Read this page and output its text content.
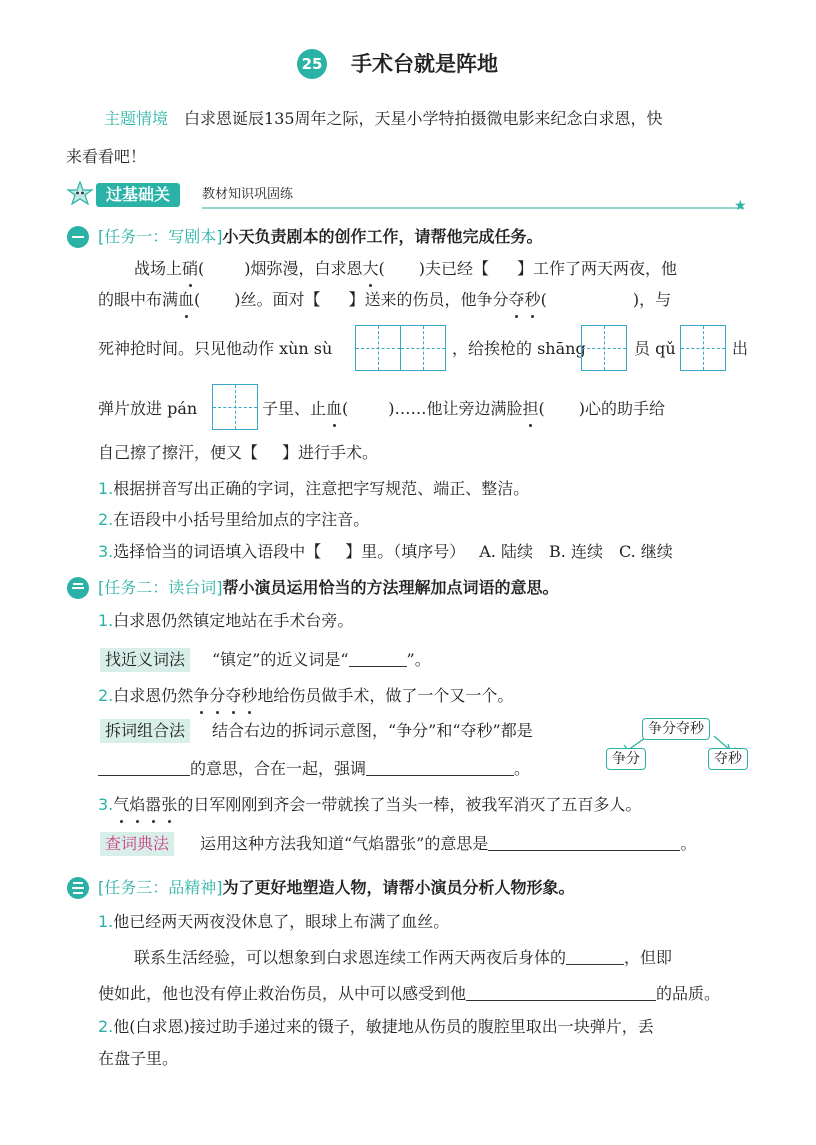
25 手术台就是阵地
主题情境 白求恩诞辰135周年之际，天星小学特拍摄微电影来纪念白求恩，快
来看看吧！
过基础关	教材知识巩固练
★
[任务一：写剧本]小天负责剧本的创作工作，请帮他完成任务。
战场上硝(	)烟弥漫，白求恩大( )夫已经【 】工作了两天两夜，他
的眼中布满血( )丝。面对【 】送来的伤员，他争分夺秒(	)，与
死神抢时间。只见他动作 xùn sù	，给挨枪的 shāng	员 qǔ	出
弹片放进 pán	子里、止血(	)……他让旁边满脸担( )心的助手给
自己擦了擦汗，便又【 】进行手术。
1.根据拼音写出正确的字词，注意把字写规范、端正、整洁。
2.在语段中小括号里给加点的字注音。
3.选择恰当的词语填入语段中【 】里。（填序号） A. 陆续　B. 连续　C. 继续
[任务二：读台词]帮小演员运用恰当的方法理解加点词语的意思。
1.白求恩仍然镇定地站在手术台旁。
找近义词法	“镇定”的近义词是“	”。
2.白求恩仍然争分夺秒地给伤员做手术，做了一个又一个。
拆词组合法	结合右边的拆词示意图，“争分”和“夺秒”都是
的意思，合在一起，强调	。
争分夺秒
争分	夺秒
3.气焰嚣张的日军刚刚到齐会一带就挨了当头一棒，被我军消灭了五百多人。
查词典法	运用这种方法我知道“气焰嚣张”的意思是	。
[任务三：品精神]为了更好地塑造人物，请帮小演员分析人物形象。
1.他已经两天两夜没休息了，眼球上布满了血丝。
联系生活经验，可以想象到白求恩连续工作两天两夜后身体的	，但即
使如此，他也没有停止救治伤员，从中可以感受到他	的品质。
2.他(白求恩)接过助手递过来的镊子，敏捷地从伤员的腹腔里取出一块弹片，丢
在盘子里。
